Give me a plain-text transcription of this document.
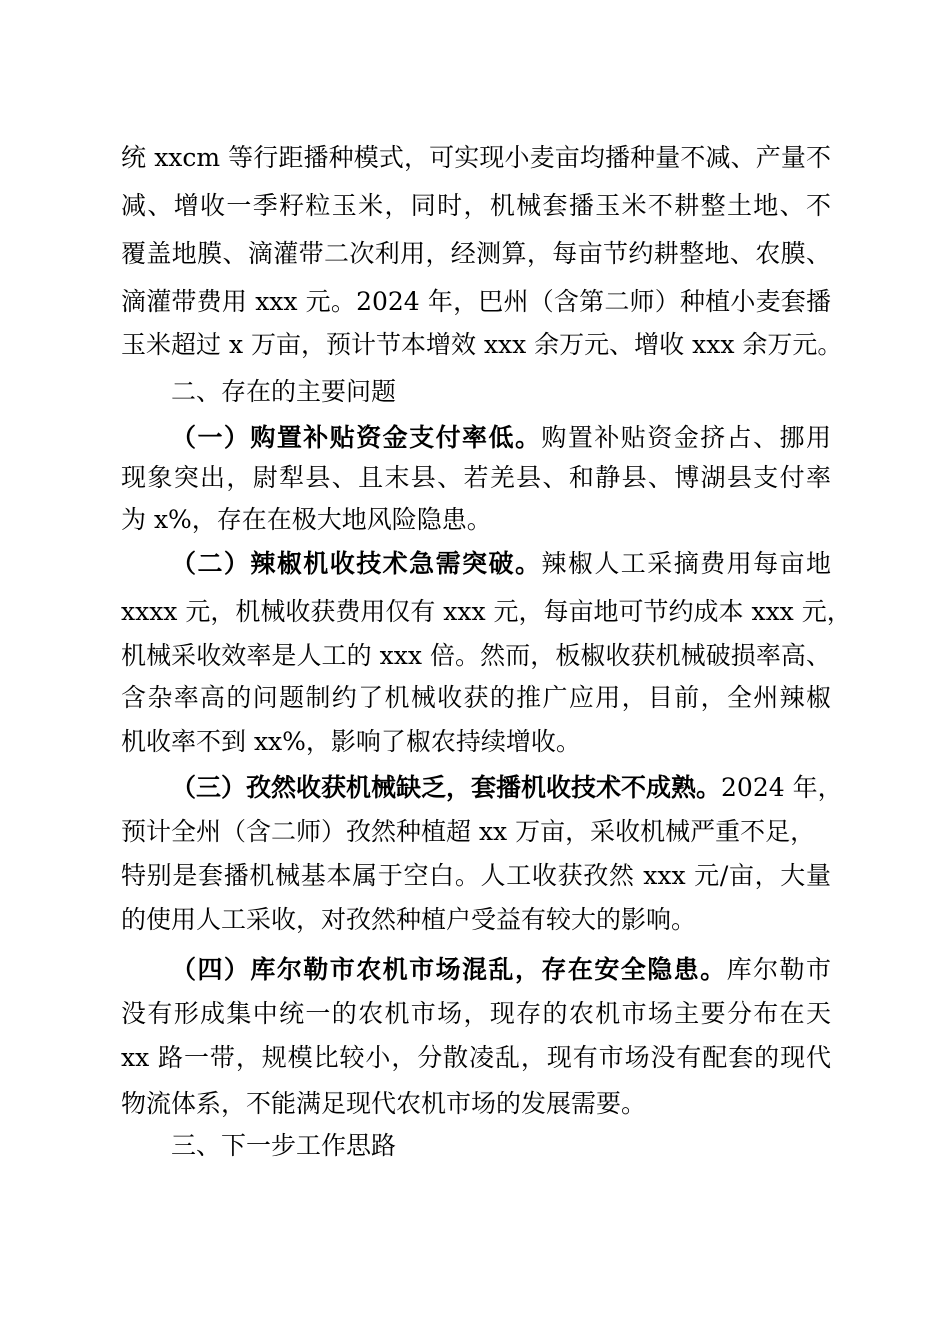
统 xxcm 等行距播种模式，可实现小麦亩均播种量不减、产量不
减、增收一季籽粒玉米，同时，机械套播玉米不耕整土地、不
覆盖地膜、滴灌带二次利用，经测算，每亩节约耕整地、农膜、
滴灌带费用 xxx 元。2024 年，巴州（含第二师）种植小麦套播
玉米超过 x 万亩，预计节本增效 xxx 余万元、增收 xxx 余万元。
二、存在的主要问题
（一）购置补贴资金支付率低。购置补贴资金挤占、挪用
现象突出，尉犁县、且末县、若羌县、和静县、博湖县支付率
为 x%，存在在极大地风险隐患。
（二）辣椒机收技术急需突破。辣椒人工采摘费用每亩地
xxxx 元，机械收获费用仅有 xxx 元，每亩地可节约成本 xxx 元，
机械采收效率是人工的 xxx 倍。然而，板椒收获机械破损率高、
含杂率高的问题制约了机械收获的推广应用，目前，全州辣椒
机收率不到 xx%，影响了椒农持续增收。
（三）孜然收获机械缺乏，套播机收技术不成熟。2024 年，
预计全州（含二师）孜然种植超 xx 万亩，采收机械严重不足，
特别是套播机械基本属于空白。人工收获孜然 xxx 元/亩，大量
的使用人工采收，对孜然种植户受益有较大的影响。
（四）库尔勒市农机市场混乱，存在安全隐患。库尔勒市
没有形成集中统一的农机市场，现存的农机市场主要分布在天
xx 路一带，规模比较小，分散凌乱，现有市场没有配套的现代
物流体系，不能满足现代农机市场的发展需要。
三、下一步工作思路
